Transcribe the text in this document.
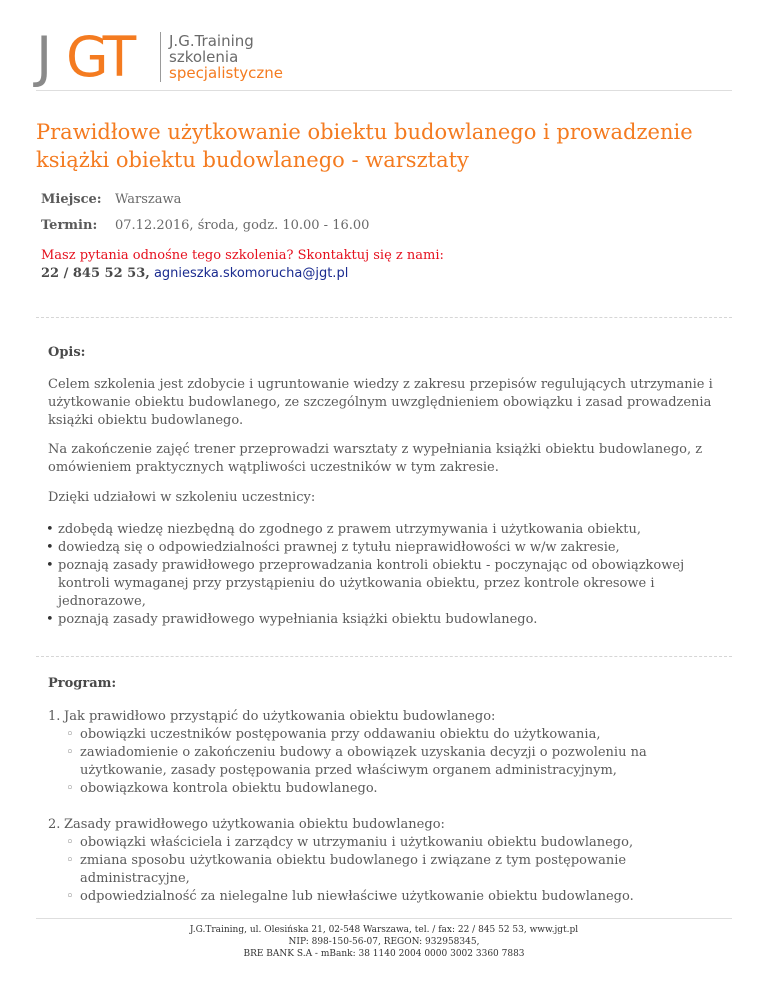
J GT J.G.Training
szkolenia
specjalistyczne
Prawidłowe użytkowanie obiektu budowlanego i prowadzenie książki obiektu budowlanego - warsztaty
Miejsce:	Warszawa
Termin:	07.12.2016, środa, godz. 10.00 - 16.00
Masz pytania odnośne tego szkolenia? Skontaktuj się z nami:
22 / 845 52 53, agnieszka.skomorucha@jgt.pl
Opis:

Celem szkolenia jest zdobycie i ugruntowanie wiedzy z zakresu przepisów regulujących utrzymanie i użytkowanie obiektu budowlanego, ze szczególnym uwzględnieniem obowiązku i zasad prowadzenia książki obiektu budowlanego.

Na zakończenie zajęć trener przeprowadzi warsztaty z wypełniania książki obiektu budowlanego, z omówieniem praktycznych wątpliwości uczestników w tym zakresie.

Dzięki udziałowi w szkoleniu uczestnicy:

• zdobędą wiedzę niezbędną do zgodnego z prawem utrzymywania i użytkowania obiektu,
• dowiedzą się o odpowiedzialności prawnej z tytułu nieprawidłowości w w/w zakresie,
• poznają zasady prawidłowego przeprowadzania kontroli obiektu - poczynając od obowiązkowej kontroli wymaganej przy przystąpieniu do użytkowania obiektu, przez kontrole okresowe i jednorazowe,
• poznają zasady prawidłowego wypełniania książki obiektu budowlanego.
Program:
1. Jak prawidłowo przystąpić do użytkowania obiektu budowlanego:
◦ obowiązki uczestników postępowania przy oddawaniu obiektu do użytkowania,
◦ zawiadomienie o zakończeniu budowy a obowiązek uzyskania decyzji o pozwoleniu na użytkowanie, zasady postępowania przed właściwym organem administracyjnym,
◦ obowiązkowa kontrola obiektu budowlanego.
2. Zasady prawidłowego użytkowania obiektu budowlanego:
◦ obowiązki właściciela i zarządcy w utrzymaniu i użytkowaniu obiektu budowlanego,
◦ zmiana sposobu użytkowania obiektu budowlanego i związane z tym postępowanie administracyjne,
◦ odpowiedzialność za nielegalne lub niewłaściwe użytkowanie obiektu budowlanego.
J.G.Training, ul. Olesińska 21, 02-548 Warszawa, tel. / fax: 22 / 845 52 53, www.jgt.pl
NIP: 898-150-56-07, REGON: 932958345,
BRE BANK S.A - mBank: 38 1140 2004 0000 3002 3360 7883
